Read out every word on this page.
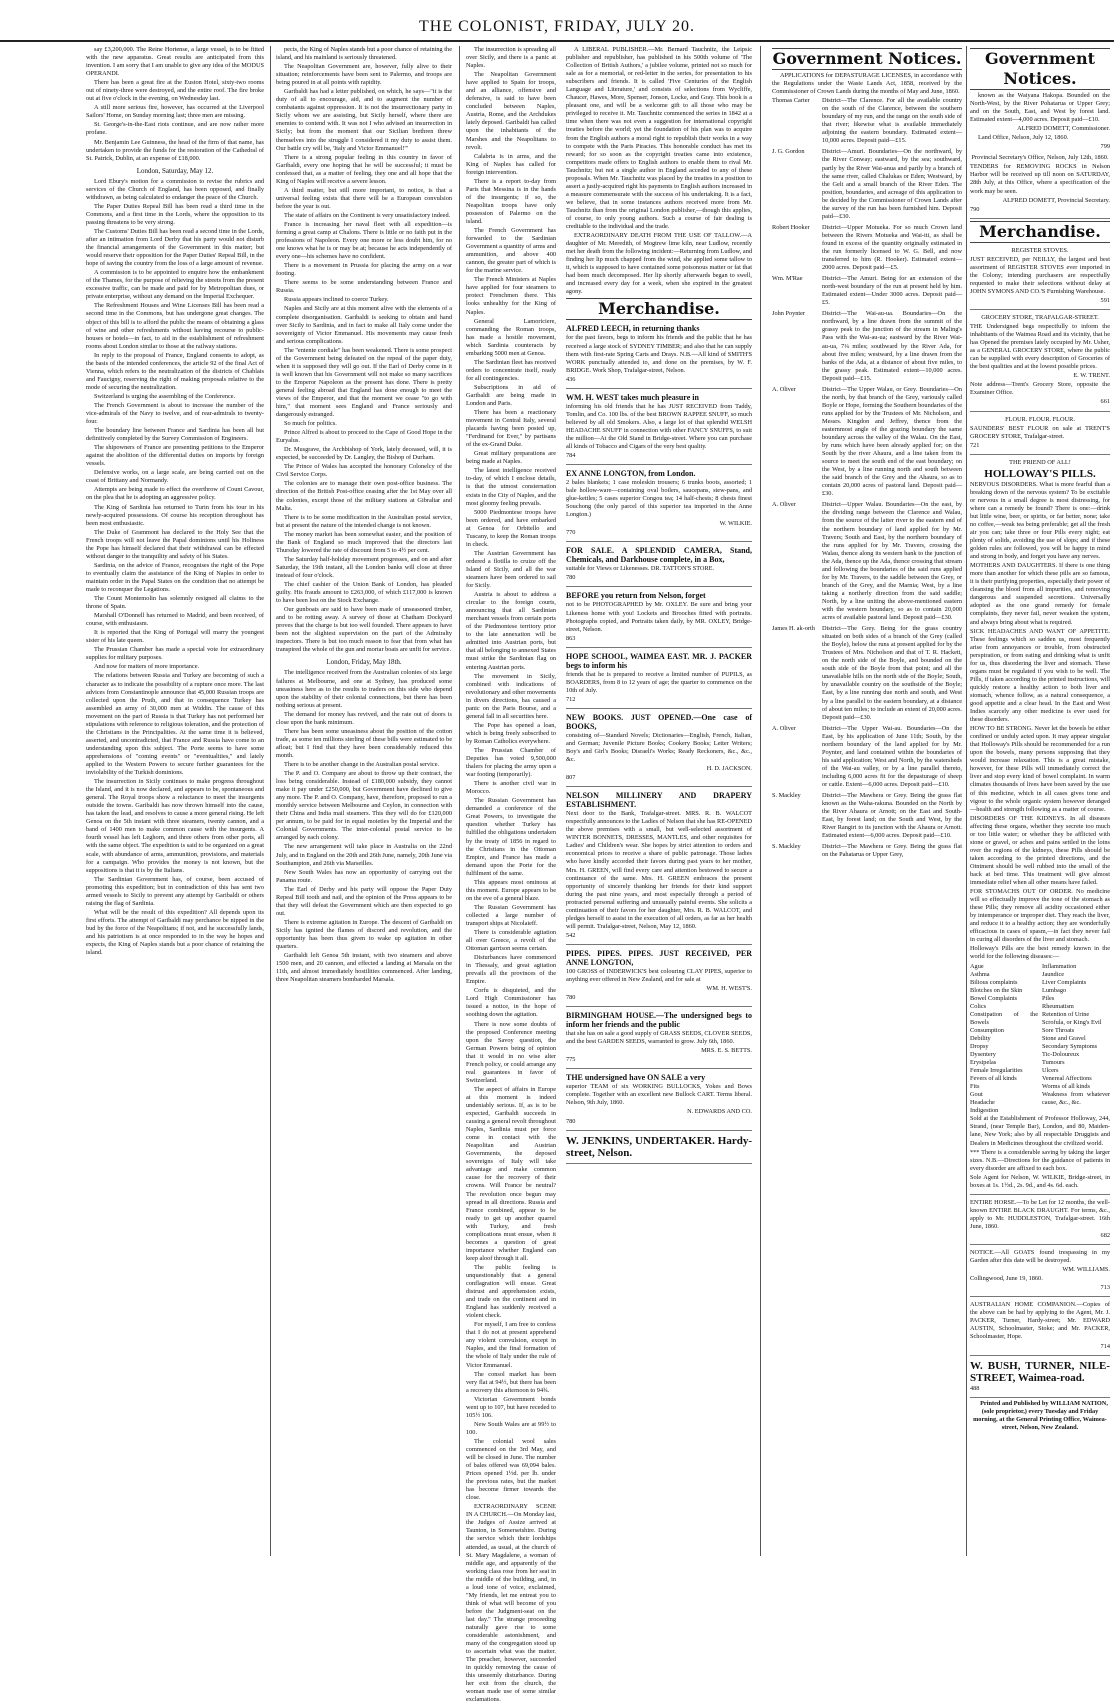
THE COLONIST, FRIDAY, JULY 20.

say £3,200,000. The Reine Hortense, a large vessel, is to be fitted with the new apparatus. Great results are anticipated from this invention. I am sorry that I am unable to give any idea of the MODUS OPERANDI.

There has been a great fire at the Euston Hotel, sixty-two rooms out of ninety-three were destroyed, and the entire roof. The fire broke out at five o'clock in the evening, on Wednesday last.

A still more serious fire, however, has occurred at the Liverpool Sailors' Home, on Sunday morning last; three men are missing.

St. George's-in-the-East riots continue, and are now rather more profane.

Mr. Benjamin Lee Guinness, the head of the firm of that name, has undertaken to provide the funds for the restoration of the Cathedral of St. Patrick, Dublin, at an expense of £18,000.

London, Saturday, May 12.

Lord Ebury's motion for a commission to revise the rubrics and services of the Church of England, has been opposed, and finally withdrawn, as being calculated to endanger the peace of the Church.

The Paper Duties Repeal Bill has been read a third time in the Commons, and a first time in the Lords, where the opposition to its passing threatens to be very strong.

The Customs' Duties Bill has been read a second time in the Lords, after an intimation from Lord Derby that his party would not disturb the financial arrangements of the Government in this matter; but would reserve their opposition for the Paper Duties' Repeal Bill, in the hope of saving the country from the loss of a large amount of revenue.

A commission is to be appointed to enquire how the embankment of the Thames, for the purpose of relieving the streets from the present excessive traffic, can be made and paid for by Metropolitan dues, or private enterprise, without any demand on the Imperial Exchequer.

The Refreshment Houses and Wine Licenses Bill has been read a second time in the Commons, but has undergone great changes. The object of this bill is to afford the public the means of obtaining a glass of wine and other refreshments without having recourse to public-houses or hotels—in fact, to aid in the establishment of refreshment rooms about London similar to those at the railway stations.

In reply to the proposal of France, England consents to adopt, as the basis of the intended conferences, the article 92 of the final Act of Vienna, which refers to the neutralization of the districts of Chablais and Faucigny, reserving the right of making proposals relative to the mode of securing the neutralization.

Switzerland is urging the assembling of the Conference.

The French Government is about to increase the number of the vice-admirals of the Navy to twelve, and of rear-admirals to twenty-four.

The boundary line between France and Sardinia has been all but definitively completed by the Survey Commission of Engineers.

The shipowners of France are presenting petitions to the Emperor against the abolition of the differential duties on imports by foreign vessels.

Defensive works, on a large scale, are being carried out on the coast of Brittany and Normandy.

Attempts are being made to effect the overthrow of Count Cavour, on the plea that he is adopting an aggressive policy.

The King of Sardinia has returned to Turin from his tour in his newly-acquired possessions. Of course his reception throughout has been most enthusiastic.

The Duke of Grammont has declared to the Holy See that the French troops will not leave the Papal dominions until his Holiness the Pope has himself declared that their withdrawal can be effected without danger to the tranquility and safety of his States.

Sardinia, on the advice of France, recognises the right of the Pope to eventually claim the assistance of the King of Naples in order to maintain order in the Papal States on the condition that no attempt be made to reconquer the Legations.

The Count Montemolin has solemnly resigned all claims to the throne of Spain.

Marshall O'Donnell has returned to Madrid, and been received, of course, with enthusiasm.

It is reported that the King of Portugal will marry the youngest sister of his late queen.

The Prussian Chamber has made a special vote for extraordinary supplies for military purposes.

And now for matters of more importance.

The relations between Russia and Turkey are becoming of such a character as to indicate the possibility of a rupture once more. The last advices from Constantinople announce that 45,000 Russian troops are collected upon the Pruth, and that in consequence Turkey has assembled an army of 30,000 men at Widdin. The cause of this movement on the part of Russia is that Turkey has not performed her stipulations with reference to religious toleration, and the protection of the Christians in the Principalities. At the same time it is believed, asserted, and uncontradicted, that France and Russia have come to an understanding upon this subject. The Porte seems to have some apprehensions of "coming events" or "eventualities," and lately applied to the Western Powers to secure further guarantees for the inviolability of the Turkish dominions.

The insurrection in Sicily continues to make progress throughout the Island, and it is now declared, and appears to be, spontaneous and general. The Royal troops show a reluctance to meet the insurgents outside the towns. Garibaldi has now thrown himself into the cause, has taken the lead, and resolves to cause a more general rising. He left Genoa on the 5th instant with three steamers, twenty cannon, and a band of 1400 men to make common cause with the insurgents. A fourth vessel has left Leghorn, and three others from other ports, all with the same object. The expedition is said to be organized on a great scale, with abundance of arms, ammunition, provisions, and materials for a campaign. Who provides the money is not known, but the suppositions is that it is by the Italians.

The Sardinian Government has, of course, been accused of promoting this expedition; but in contradiction of this has sent two armed vessels to Sicily to prevent any attempt by Garibaldi or others raising the flag of Sardinia.

What will be the result of this expedition? All depends upon its first efforts. The attempt of Garibaldi may perchance be nipped in the bud by the force of the Neapolitans; if not, and he successfully lands, and his patriotism is at once responded to in the way he hopes and expects, the King of Naples stands but a poor chance of retaining the island.

pects, the King of Naples stands but a poor chance of retaining the island, and his mainland is seriously threatened.

The Neapolitan Government are, however, fully alive to their situation; reinforcements have been sent to Palermo, and troops are being poured in at all points with rapidity.

Garibaldi has had a letter published, on which, he says—"it is the duty of all to encourage, aid, and to augment the number of combatants against oppression. It is not the insurrectionary party in Sicily whom we are assisting, but Sicily herself, where there are enemies to contend with. It was not I who advised an insurrection in Sicily; but from the moment that our Sicilian brethren threw themselves into the struggle I considered it my duty to assist them. Our battle cry will be, 'Italy and Victor Emmanuel!'"

There is a strong popular feeling in this country in favor of Garibaldi, every one hoping that he will be successful; it must be confessed that, as a matter of feeling, they one and all hope that the King of Naples will receive a severe lesson.

A third matter, but still more important, to notice, is that a universal feeling exists that there will be a European convulsion before the year is out.

The state of affairs on the Continent is very unsatisfactory indeed.

France is increasing her naval fleet with all expedition—is forming a great camp at Chalons. There is little or no faith put in the professions of Napoleon. Every one more or less doubt him, for no one knows what he is or may be at; because he acts independently of every one—his schemes have no confident.

There is a movement in Prussia for placing the army on a war footing.

There seems to be some understanding between France and Russia.

Russia appears inclined to coerce Turkey.

Naples and Sicily are at this moment alive with the elements of a complete disorganisation. Garibaldi is seeking to obtain and hand over Sicily to Sardinia, and in fact to make all Italy come under the sovereignty of Victor Emmanuel. His movements may cause fresh and serious complications.

The "entente cordiale" has been weakened. There is some prospect of the Government being defeated on the repeal of the paper duty, when it is supposed they will go out. If the Earl of Derby come in it is well known that his Government will not make so many sacrifices to the Emperor Napoleon as the present has done. There is pretty general feeling abroad that England has done enough to meet the views of the Emperor, and that the moment we cease "to go with him," that moment sees England and France seriously and dangerously estranged.

So much for politics.

Prince Alfred is about to proceed to the Cape of Good Hope in the Euryalus.

Dr. Musgrave, the Archbishop of York, lately deceased, will, it is expected, be succeeded by Dr. Langley, the Bishop of Durham.

The Prince of Wales has accepted the honorary Colonelcy of the Civil Service Corps.

The colonies are to manage their own post-office business. The direction of the British Post-office ceasing after the 1st May over all the colonies, except those of the military stations at Gibraltar and Malta.

There is to be some modification in the Australian postal service, but at present the nature of the intended change is not known.

The money market has been somewhat easier, and the position of the Bank of England so much improved that the directors last Thursday lowered the rate of discount from 5 to 4½ per cent.

The Saturday half-holiday movement progresses, and on and after Saturday, the 19th instant, all the London banks will close at three instead of four o'clock.

The chief cashier of the Union Bank of London, has pleaded guilty. His frauds amount to £263,000, of which £117,000 is known to have been lost on the Stock Exchange.

Our gunboats are said to have been made of unseasoned timber, and to be rotting away. A survey of those at Chatham Dockyard proves that the charge is but too well founded. There appears to have been not the slightest supervision on the part of the Admiralty inspectors. There is but too much reason to fear that from what has transpired the whole of the gun and mortar boats are unfit for service.

London, Friday, May 18th.

The intelligence received from the Australian colonies of six large failures at Melbourne, and one at Sydney, has produced some uneasiness here as to the results to traders on this side who depend upon the stability of their colonial connections, but there has been nothing serious at present.

The demand for money has revived, and the rate out of doors is close upon the bank minimum.

There has been some uneasiness about the position of the cotton trade, as some ten millions sterling of these bills were estimated to be afloat; but I find that they have been considerably reduced this month.

There is to be another change in the Australian postal service.

The P. and O. Company are about to throw up their contract, the loss being considerable. Instead of £180,000 subsidy, they cannot make it pay under £250,000, but Government have declined to give any more. The P. and O. Company, have, therefore, proposed to run a monthly service between Melbourne and Ceylon, in connection with their China and India mail steamers. This they will do for £120,000 per annum, to be paid for in equal moieties by the Imperial and the Colonial Governments. The inter-colonial postal service to be arranged by each colony.

The new arrangement will take place in Australia on the 22nd July, and in England on the 20th and 26th June, namely, 20th June via Southampton, and 26th via Marseilles.

New South Wales has now an opportunity of carrying out the Panama route.

The Earl of Derby and his party will oppose the Paper Duty Repeal Bill tooth and nail, and the opinion of the Press appears to be that they will defeat the Government which are then expected to go out.

There is extreme agitation in Europe. The descent of Garibaldi on Sicily has ignited the flames of discord and revolution, and the opportunity has been thus given to wake up agitation in other quarters.

Garibaldi left Genoa 5th instant, with two steamers and above 1500 men, and 20 cannon, and effected a landing at Marsala on the 11th, and almost immediately hostilities commenced. After landing, three Neapolitan steamers bombarded Marsala.

The insurrection is spreading all over Sicily, and there is a panic at Naples.

The Neapolitan Government have applied to Spain for troops, and an alliance, offensive and defensive, is said to have been concluded between Naples, Austria, Rome, and the Archdukes lately deposed. Garibaldi has called upon the inhabitants of the Marshes and the Neapolitans to revolt.

Calabria is in arms, and the King of Naples has called for foreign intervention.

There is a report to-day from Paris that Messina is in the hands of the insurgents; if so, the Neapolitan troops have only possession of Palermo on the island.

The French Government has forwarded to the Sardinian Government a quantity of arms and ammunition, and above 400 cannon, the greater part of which is for the marine service.

The French Ministers at Naples have applied for four steamers to protect Frenchmen there. This looks unhealthy for the King of Naples.

General Lamoriciere, commanding the Roman troops, has made a hostile movement, which Sardinia counteracts by embarking 5000 men at Genoa.

The Sardinian fleet has received orders to concentrate itself, ready for all contingencies.

Subscriptions in aid of Garibaldi are being made in London and Paris.

There has been a reactionary movement in Central Italy, several placards having been posted up, "Ferdinand for Ever," by partisans of the ex-Grand Duke.

Great military preparations are being made at Naples.

The latest intelligence received to-day, of which I enclose details, is that the utmost consternation exists in the City of Naples, and the most gloomy feeling prevails.

5000 Piedmontese troops have been ordered, and have embarked at Genoa for Orbitello and Tuscany, to keep the Roman troops in check.

The Austrian Government has ordered a flotilla to cruize off the Island of Sicily, and all the war steamers have been ordered to sail for Sicily.

Austria is about to address a circular to the foreign courts, announcing that all Sardinian merchant vessels from certain ports of the Piedmontese territory prior to the late annexation will be admitted into Austrian ports, but that all belonging to annexed States must strike the Sardinian flag on entering Austrian ports.

The movement in Sicily, combined with indications of revolutionary and other movements in divers directions, has caused a panic on the Paris Bourse, and a general fall in all securities here.

The Pope has opened a loan, which is being freely subscribed to by Roman Catholics everywhere.

The Prussian Chamber of Deputies has voted 9,500,000 thalers for placing the army upon a war footing (temporarily).

There is another civil war in Morocco.

The Russian Government has demanded a conference of the Great Powers, to investigate the question whether Turkey has fulfilled the obligations undertaken by the treaty of 1856 in regard to the Christians in the Ottoman Empire, and France has made a demand upon the Porte for the fulfilment of the same.

This appears most ominous at this moment. Europe appears to be on the eve of a general blaze.

The Russian Government has collected a large number of transport ships at Nicolaieff.

There is considerable agitation all over Greece, a revolt of the Ottoman garrison seems certain.

Disturbances have commenced in Thessaly, and great agitation prevails all the provinces of the Empire.

Corfu is disquieted, and the Lord High Commissioner has issued a notice, in the hope of soothing down the agitation.

There is now some doubts of the proposed Conference meeting upon the Savoy question, the German Powers being of opinion that it would in no wise alter French policy, or could arrange any real guarantees in favor of Switzerland.

The aspect of affairs in Europe at this moment is indeed undeniably serious. If, as is to be expected, Garibaldi succeeds in causing a general revolt throughout Naples, Sardinia must per force come in contact with the Neapolitan and Austrian Governments, the deposed sovereigns of Italy will take advantage and make common cause for the recovery of their crowns. Will France be neutral? The revolution once begun may spread in all directions. Russia and France combined, appear to be ready to get up another quarrel with Turkey, and fresh complications must ensue, when it becomes a question of great importance whether England can keep aloof through it all.

The public feeling is unquestionably that a general conflagration will ensue. Great distrust and apprehension exists, and trade on the continent and in England has suddenly received a violent check.

For myself, I am free to confess that I do not at present apprehend any violent convulsion, except in Naples, and the final formation of the whole of Italy under the rule of Victor Emmanuel.

The consol market has been very flat at 94½, but there has been a recovery this afternoon to 94¾.

Victorian Government bonds went up to 107, but have receded to 105½ 106.

New South Wales are at 99½ to 100.

The colonial wool sales commenced on the 3rd May, and will be closed in June. The number of bales offered was 69,094 bales. Prices opened 1½d. per lb. under the previous rates, but the market has become firmer towards the close.

EXTRAORDINARY SCENE IN A CHURCH.—On Monday last, the Judges of Assize arrived at Taunton, in Somersetshire. During the service which their lordships attended, as usual, at the church of St. Mary Magdalene, a woman of middle age, and apparently of the working class rose from her seat in the middle of the building, and, in a loud tone of voice, exclaimed, "My friends, let me entreat you to think of what will become of you before the Judgment-seat on the last day." The strange proceeding naturally gave rise to some considerable astonishment, and many of the congregation stood up to ascertain what was the matter. The preacher, however, succeeded in quickly removing the cause of this unseemly disturbance. During her exit from the church, the woman made use of some similar exclamations.

A LIBERAL PUBLISHER.—Mr. Bernard Tauchnitz, the Leipsic publisher and republisher, has published in his 500th volume of 'The Collection of British Authors,' a jubilee volume, printed not so much for sale as for a memorial, or red-letter in the series, for presentation to his subscribers and friends. It is called 'Five Centuries of the English Language and Literature,' and consists of selections from Wycliffe, Chaucer, Hawes, More, Spenser, Jonson, Locke, and Gray. This book is a pleasant one, and will be a welcome gift to all those who may be privileged to receive it. Mr. Tauchnitz commenced the series in 1842 at a time when there was not even a suggestion for international copyright treaties before the world; yet the foundation of his plan was to acquire from the English authors a moral right to republish their works in a way to compete with the Paris Piracies. This honorable conduct has met its reward; for so soon as the copyright treaties came into existence, competitors made offers to English authors to enable them to rival Mr. Tauchnitz; but not a single author in England acceded to any of these proposals. When Mr. Tauchnitz was placed by the treaties in a position to assert a justly-acquired right his payments to English authors increased in a measure commensurate with the success of his undertaking. It is a fact, we believe, that in some instances authors received more from Mr. Tauchnitz than from the original London publisher,—though this applies, of course, to only young authors. Such a course of fair dealing is creditable to the individual and the trade.

EXTRAORDINARY DEATH FROM THE USE OF TALLOW.—A daughter of Mr. Meredith, of Mogtrew lime kiln, near Ludlow, recently met her death from the following incident:—Returning from Ludlow, and finding her lip much chapped from the wind, she applied some tallow to it, which is supposed to have contained some poisonous matter or fat that had been much decomposed. Her lip shortly afterwards began to swell, and increased every day for a week, when she expired in the greatest agony.

Merchandise.

ALFRED LEECH, in returning thanks

for the past favors, begs to inform his friends and the public that he has received a large stock of SYDNEY TIMBER; and also that he can supply them with first-rate Spring Carts and Drays. N.B.—All kind of SMITH'S WORK punctually attended to, and done on the premises, by W. F. BRIDGE. Work Shop, Trafalgar-street, Nelson.

436

WM. H. WEST takes much pleasure in

informing his old friends that he has JUST RECEIVED from Taddy, Tomlin, and Co. 100 lbs. of the best BROWN RAPPEE SNUFF, so much believed by all old Smokers. Also, a large lot of that splendid WELSH HEADACHE SNUFF in connection with other FANCY SNUFFS, to suit the million—At the Old Stand in Bridge-street. Where you can purchase all kinds of Tobacco and Cigars of the very best quality.

784

EX ANNE LONGTON, from London.

2 bales blankets; 1 case moleskin trousers; 6 trunks boots, assorted; 1 bale hollow-ware—containing oval boilers, saucepans, stew-pans, and glue-kettles; 5 cases superior Congou tea; 14 half-chests; 8 chests finest Souchong (the only parcel of this superior tea imported in the Anne Longton.)

W. WILKIE.

770

FOR SALE. A SPLENDID CAMERA, Stand, Chemicals, and Darkhouse complete, in a Box,

suitable for Views or Likenesses. DR. TATTON'S STORE.

780

BEFORE you return from Nelson, forget

not to be PHOTOGRAPHED by Mr. OXLEY. Be sure and bring your Likeness home with you! Lockets and Brooches fitted with portraits. Photographs copied, and Portraits taken daily, by MR. OXLEY, Bridge-street, Nelson.

863

HOPE SCHOOL, WAIMEA EAST. MR. J. PACKER begs to inform his

friends that he is prepared to receive a limited number of PUPILS, as BOARDERS, from 8 to 12 years of age; the quarter to commence on the 10th of July.

712

NEW BOOKS. JUST OPENED.—One case of BOOKS,

consisting of—Standard Novels; Dictionaries—English, French, Italian, and German; Juvenile Picture Books; Cookery Books; Letter Writers; Boy's and Girl's Books; Disraeli's Works; Ready Reckoners, &c., &c., &c.

H. D. JACKSON.

807

NELSON MILLINERY AND DRAPERY ESTABLISHMENT.

Next door to the Bank, Trafalgar-street. MRS. R. B. WALCOT respectfully announces to the Ladies of Nelson that she has RE-OPENED the above premises with a small, but well-selected assortment of WINTER BONNETS, DRESSES, MANTLES, and other requisites for Ladies' and Children's wear. She hopes by strict attention to orders and economical prices to receive a share of public patronage. Those ladies who have kindly accorded their favors during past years to her mother, Mrs. H. GREEN, will find every care and attention bestowed to secure a continuance of the same. Mrs. H. GREEN embraces the present opportunity of sincerely thanking her friends for their kind support during the past nine years, and most especially through a period of protracted personal suffering and unusually painful events. She solicits a continuation of their favors for her daughter, Mrs. R. B. WALCOT, and pledges herself to assist in the execution of all orders, as far as her health will permit. Trafalgar-street, Nelson, May 12, 1860.

542

PIPES. PIPES. PIPES. JUST RECEIVED, PER ANNE LONGTON,

100 GROSS of INDERWICK'S best colouring CLAY PIPES, superior to anything ever offered in New Zealand, and for sale at

WM. H. WEST'S.

780

BIRMINGHAM HOUSE.—The undersigned begs to inform her friends and the public

that she has on sale a good supply of GRASS SEEDS, CLOVER SEEDS, and the best GARDEN SEEDS, warranted to grow. July 6th, 1860.

MRS. E. S. BETTS.

775

THE undersigned have ON SALE a very

superior TEAM of six WORKING BULLOCKS, Yokes and Bows complete. Together with an excellent new Bullock CART. Terms liberal. Nelson, 9th July, 1860.

N. EDWARDS AND CO.

780

W. JENKINS, UNDERTAKER. Hardy-street, Nelson.

Government Notices.

APPLICATIONS for DEPASTURAGE LICENSES, in accordance with the Regulations under the Waste Lands Act, 1858, received by the Commissioner of Crown Lands during the months of May and June, 1860.

Thomas Carter	District—The Clarence. For all the available country on the south of the Clarence, between the southern boundary of my run, and the range on the south side of that river; likewise what is available immediately adjoining the eastern boundary. Estimated extent—10,000 acres. Deposit paid—£15.
J. G. Gordon	District—Amuri. Boundaries—On the northward, by the River Conway; eastward, by the sea; southward, partly by the River Wai-anua and partly by a branch of the same river, called Chalukas or Eden; Westward, by the Gelt and a small branch of the River Eden. The position, boundaries, and acreage of this application to be decided by the Commissioner of Crown Lands after the survey of the run has been furnished him. Deposit paid—£30.
Robert Hooker	District—Upper Motueka. For so much Crown land between the Rivers Motueka and Wai-iti, as shall be found in excess of the quantity originally estimated in the run formerly licensed to W. G. Bell, and now transferred to him (R. Hooker). Estimated extent—2000 acres. Deposit paid—£5.
Wm. M'Rae	District—The Amuri. Being for an extension of the north-west boundary of the run at present held by him. Estimated extent—Under 3000 acres. Deposit paid—£5.
John Poynter	District—The Wai-au-ua. Boundaries—On the northward, by a line drawn from the summit of the grassy peak to the junction of the stream in Maling's Pass with the Wai-au-ua; eastward by the River Wai-au-ua, 7¼ miles; southward by the River Ada, for about five miles; westward, by a line drawn from the banks of the Ada, at a distance of about five miles, to the grassy peak. Estimated extent—10,000 acres. Deposit paid—£15.
A. Oliver	District—The Upper Walau, or Grey. Boundaries—On the north, by that branch of the Grey, variously called Boyle or Hope, forming the Southern boundaries of the runs applied for by the Trustees of Mr. Nicholson, and Messrs. Kingdon and Jeffrey, thence from the easternmost angle of the grazing boundary the same boundary across the valley of the Walau. On the East, by runs which have been already applied for; on the South by the river Ahaura, and a line taken from its source to meet the south end of the east boundary; on the West, by a line running north and south between the said branch of the Grey and the Ahaura, so as to contain 20,000 acres of pastoral land. Deposit paid—£30.
A. Oliver	District—Upper Walau. Boundaries—On the east, by the dividing range between the Clarence and Walau, from the source of the latter river to the eastern end of the northern boundary of land applied for by Mr. Travers; South and East, by the northern boundary of the runs applied for by Mr. Travers, crossing the Walau, thence along its western bank to the junction of the Ada, thence up the Ada, thence crossing that stream and following the boundaries of the said runs applied for by Mr. Travers, to the saddle between the Grey, or branch of the Grey, and the Marnia; West, by a line taking a northerly direction from the said saddle; North, by a line uniting the above-mentioned eastern with the western boundary, so as to contain 20,000 acres of available pastoral land. Deposit paid—£30.
James H. ak-orth	District—The Grey. Being for the grass country situated on both sides of a branch of the Grey (called the Boyle), below the runs at present applied for by the Trustees of Mrs. Nicholson and that of T. R. Hackett, on the north side of the Boyle, and bounded on the south side of the Boyle from that point; and all the unavailable hills on the north side of the Boyle; South, by unavailable country on the southside of the Boyle; East, by a line running due north and south, and West by a line parallel to the eastern boundary, at a distance of about ten miles; to include an extent of 20,000 acres. Deposit paid—£30.
A. Oliver	District—The Upper Wai-au. Boundaries—On the East, by his application of June 11th; South, by the northern boundary of the land applied for by Mr. Poynter, and land contained within the boundaries of his said application; West and North, by the watersheds of the Wai-au valley, or by a line parallel thereto, including 6,000 acres fit for the depasturage of sheep or cattle. Extent—6,000 acres. Deposit paid—£10.
S. Mackley	District—The Mawhera or Grey. Being the grass flat known as the Waha-rakuna. Bounded on the North by the River Ahaura or Arnott; on the East and South-East, by forest land; on the South and West, by the River Rangiri to its junction with the Ahaura or Arnott. Estimated extent—6,000 acres. Deposit paid—£10.
S. Mackley	District—The Mawhera or Grey. Being the grass flat on the Pahatarua or Upper Grey,
Government Notices.

known as the Waiyana Hakopa. Bounded on the North-West, by the River Pohatarua or Upper Grey; and on the South, East, and West by forest land. Estimated extent—4,000 acres. Deposit paid—£10.

ALFRED DOMETT, Commissioner.

Land Office, Nelson, July 12, 1860.

799

Provincial Secretary's Office, Nelson, July 12th, 1860.

TENDERS for REMOVING ROCKS in Nelson Harbor will be received up till noon on SATURDAY, 28th July, at this Office, where a specification of the work may be seen.

ALFRED DOMETT, Provincial Secretary.

790

Merchandise.

REGISTER STOVES.

JUST RECEIVED, per NEILLY, the largest and best assortment of REGISTER STOVES ever imported in the Colony; intending purchasers are respectfully requested to make their selections without delay at JOHN SYMONS AND CO.'S Furnishing Warehouse.

591

GROCERY STORE, TRAFALGAR-STREET.

THE Undersigned begs respectfully to inform the inhabitants of the Waimea Road and its vicinity, that he has Opened the premises lately occupied by Mr. Usher, as a GENERAL GROCERY STORE, where the public can be supplied with every description of Groceries of the best qualities and at the lowest possible prices.

E. W. TRENT.

Note address—Trent's Grocery Store, opposite the Examiner Office.

661

FLOUR. FLOUR. FLOUR.

SAUNDERS' BEST FLOUR on sale at TRENT'S GROCERY STORE, Trafalgar-street.

721

THE FRIEND OF ALL!

HOLLOWAY'S PILLS.

NERVOUS DISORDERS. What is more fearful than a breaking down of the nervous system? To be excitable or nervous in a small degree is most distressing, for where can a remedy be found? There is one:—drink but little wine, beer, or spirits, or far better, none; take no coffee,—weak tea being preferable; get all the fresh air you can; take three or four Pills every night; eat plenty of solids, avoiding the use of slops; and if these golden rules are followed, you will be happy in mind and strong in body, and forget you have any nerves.

MOTHERS AND DAUGHTERS. If there is one thing more than another for which these pills are so famous, it is their purifying properties, especially their power of cleansing the blood from all impurities, and removing dangerous and suspended secretions. Universally adopted as the one grand remedy for female complaints, they never fail, never weaken the system, and always bring about what is required.

SICK HEADACHES AND WANT OF APPETITE. These feelings which so sadden us, most frequently arise from annoyances or trouble, from obstructed perspiration, or from eating and drinking what is unfit for us, thus disordering the liver and stomach. These organs must be regulated if you wish to be well. The Pills, if taken according to the printed instructions, will quickly restore a healthy action to both liver and stomach, whence follow, as a natural consequence, a good appetite and a clear head. In the East and West Indies scarcely any other medicine is ever used for these disorders.

HOW TO BE STRONG. Never let the bowels be either confined or unduly acted upon. It may appear singular that Holloway's Pills should be recommended for a run upon the bowels, many persons supposing that they would increase relaxation. This is a great mistake, however, for these Pills will immediately correct the liver and stop every kind of bowel complaint. In warm climates thousands of lives have been saved by the use of this medicine, which in all cases gives tone and vigour to the whole organic system however deranged—health and strength following as a matter of course.

DISORDERS OF THE KIDNEYS. In all diseases affecting these organs, whether they secrete too much or too little water; or whether they be afflicted with stone or gravel, or aches and pains settled in the loins over the regions of the kidneys, these Pills should be taken according to the printed directions, and the Ointment should be well rubbed into the small of the back at bed time. This treatment will give almost immediate relief when all other means have failed.

FOR STOMACHS OUT OF ORDER. No medicine will so effectually improve the tone of the stomach as these Pills; they remove all acidity occasioned either by intemperance or improper diet. They reach the liver, and reduce it to a healthy action; they are wonderfully efficacious in cases of spasm,—in fact they never fail in curing all disorders of the liver and stomach.

Holloway's Pills are the best remedy known in the world for the following diseases:—

Ague
Asthma
Bilious complaints
Blotches on the Skin
Bowel Complaints
Colics
Constipation of the Bowels
Consumption
Debility
Dropsy
Dysentery
Erysipelas
Female Irregularities
Fevers of all kinds
Fits
Gout
Headache
Indigestion
Inflammation
Jaundice
Liver Complaints
Lumbago
Piles
Rheumatism
Retention of Urine
Scrofula, or King's Evil
Sore Throats
Stone and Gravel
Secondary Symptoms
Tic-Doloureux
Tumours
Ulcers
Venereal Affections
Worms of all kinds
Weakness from whatever cause, &c., &c.

Sold at the Establishment of Professor Holloway, 244, Strand, (near Temple Bar), London, and 80, Maiden-lane, New York; also by all respectable Druggists and Dealers in Medicines throughout the civilized world.

*** There is a considerable saving by taking the larger sizes. N.B.—Directions for the guidance of patients in every disorder are affixed to each box.

Sole Agent for Nelson, W. WILKIE, Bridge-street, in boxes at 1s. 1½d., 2s. 9d., and 4s. 6d. each.

ENTIRE HORSE.—To be Let for 12 months, the well-known ENTIRE BLACK DRAUGHT. For terms, &c., apply to Mr. HUDDLESTON, Trafalgar-street. 16th June, 1860.

682

NOTICE.—All GOATS found trespassing in my Garden after this date will be destroyed.

WM. WILLIAMS.

Collingwood, June 19, 1860.

713

AUSTRALIAN HOME COMPANION.—Copies of the above can be had by applying to the Agent, Mr. J. PACKER, Turner, Hardy-street; Mr. EDWARD AUSTIN, Schoolmaster, Stoke; and Mr. PACKER, Schoolmaster, Hope.

714

W. BUSH, TURNER, NILE-STREET, Waimea-road.

488

Printed and Published by WILLIAM NATION, (sole proprietor,) every Tuesday and Friday morning, at the General Printing Office, Waimea-street, Nelson, New Zealand.
